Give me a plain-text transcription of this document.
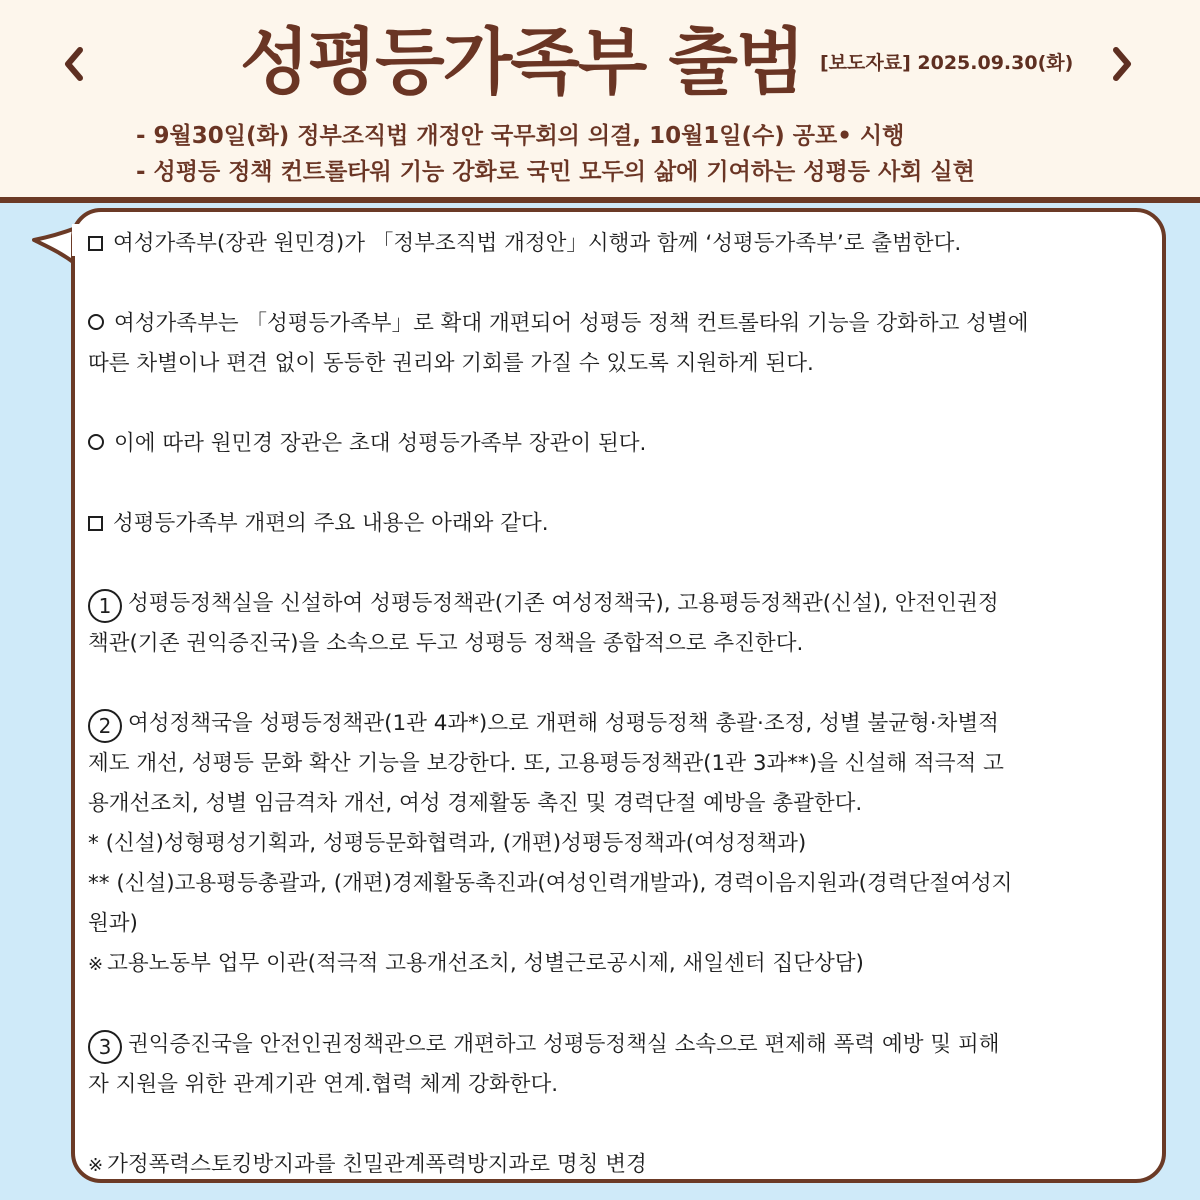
성평등가족부 출범 [보도자료] 2025.09.30(화)
- 9월30일(화) 정부조직법 개정안 국무회의 의결, 10월1일(수) 공포• 시행
- 성평등 정책 컨트롤타워 기능 강화로 국민 모두의 삶에 기여하는 성평등 사회 실현
여성가족부(장관 원민경)가 「정부조직법 개정안」시행과 함께 ‘성평등가족부’로 출범한다.
여성가족부는 「성평등가족부」로 확대 개편되어 성평등 정책 컨트롤타워 기능을 강화하고 성별에
따른 차별이나 편견 없이 동등한 권리와 기회를 가질 수 있도록 지원하게 된다.
이에 따라 원민경 장관은 초대 성평등가족부 장관이 된다.
성평등가족부 개편의 주요 내용은 아래와 같다.
1 성평등정책실을 신설하여 성평등정책관(기존 여성정책국), 고용평등정책관(신설), 안전인권정
책관(기존 권익증진국)을 소속으로 두고 성평등 정책을 종합적으로 추진한다.
2 여성정책국을 성평등정책관(1관 4과*)으로 개편해 성평등정책 총괄·조정, 성별 불균형·차별적
제도 개선, 성평등 문화 확산 기능을 보강한다. 또, 고용평등정책관(1관 3과**)을 신설해 적극적 고
용개선조치, 성별 임금격차 개선, 여성 경제활동 촉진 및 경력단절 예방을 총괄한다.
* (신설)성형평성기획과, 성평등문화협력과, (개편)성평등정책과(여성정책과)
** (신설)고용평등총괄과, (개편)경제활동촉진과(여성인력개발과), 경력이음지원과(경력단절여성지
원과)
※ 고용노동부 업무 이관(적극적 고용개선조치, 성별근로공시제, 새일센터 집단상담)
3 권익증진국을 안전인권정책관으로 개편하고 성평등정책실 소속으로 편제해 폭력 예방 및 피해
자 지원을 위한 관계기관 연계.협력 체계 강화한다.
※ 가정폭력스토킹방지과를 친밀관계폭력방지과로 명칭 변경
